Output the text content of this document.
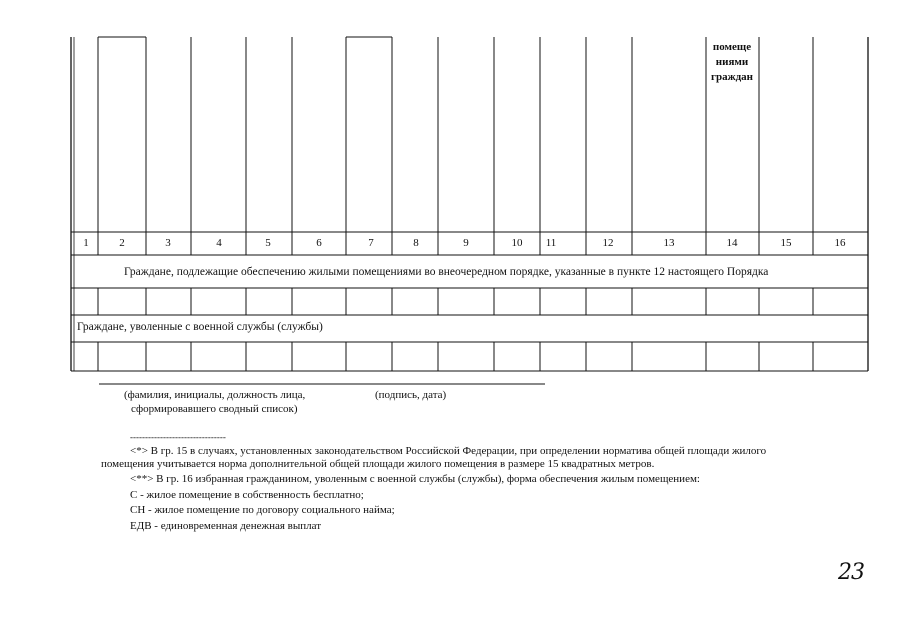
помеще ниями граждан
1	2	3	4	5	6	7	8	9	10	11	12	13	14	15	16
Граждане, подлежащие обеспечению жилыми помещениями во внеочередном порядке, указанные в пункте 12 настоящего Порядка
Граждане, уволенные с военной службы (службы)
(фамилия, инициалы, должность лица,
сформировавшего сводный список)
(подпись, дата)
--------------------------------
<*> В гр. 15 в случаях, установленных законодательством Российской Федерации, при определении норматива общей площади жилого
помещения учитывается норма дополнительной общей площади жилого помещения в размере 15 квадратных метров.
<**> В гр. 16 избранная гражданином, уволенным с военной службы (службы), форма обеспечения жилым помещением:
С - жилое помещение в собственность бесплатно;
СН - жилое помещение по договору социального найма;
ЕДВ - единовременная денежная выплат
23
